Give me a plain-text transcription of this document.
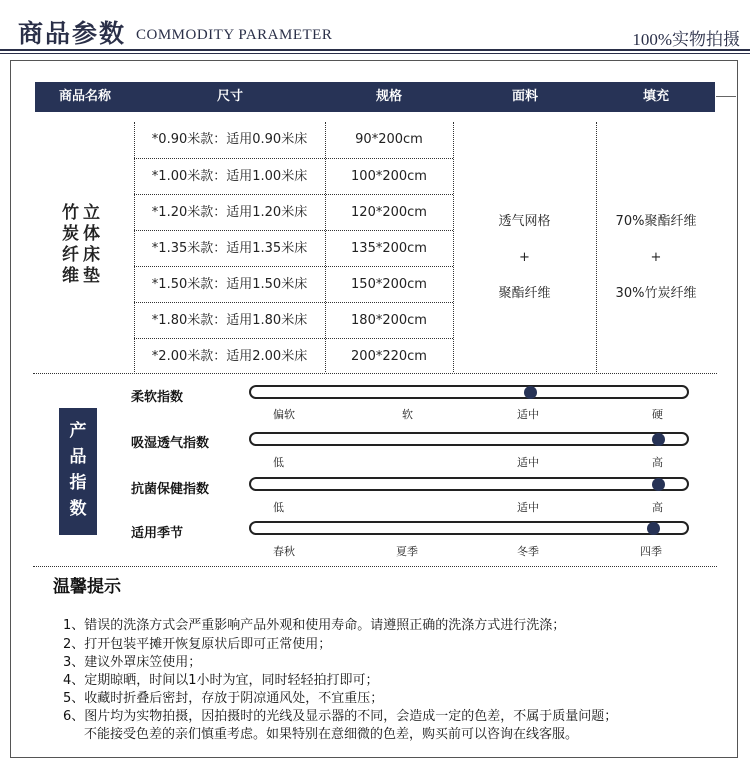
商品参数 COMMODITY PARAMETER	100%实物拍摄
商品名称	尺寸	规格	面料	填充
竹 立
炭 体
纤 床
维 垫
*0.90米款：适用0.90米床	90*200cm
*1.00米款：适用1.00米床	100*200cm
*1.20米款：适用1.20米床	120*200cm
*1.35米款：适用1.35米床	135*200cm
*1.50米款：适用1.50米床	150*200cm
*1.80米款：适用1.80米床	180*200cm
*2.00米款：适用2.00米床	200*220cm
透气网格
+
聚酯纤维
70%聚酯纤维
+
30%竹炭纤维
产
品
指
数
柔软指数
偏软	软	适中	硬
吸湿透气指数
低	适中	高
抗菌保健指数
低	适中	高
适用季节
春秋	夏季	冬季	四季
温馨提示
1、错误的洗涤方式会严重影响产品外观和使用寿命。请遵照正确的洗涤方式进行洗涤；
2、打开包装平摊开恢复原状后即可正常使用；
3、建议外罩床笠使用；
4、定期晾晒，时间以1小时为宜，同时轻轻拍打即可；
5、收藏时折叠后密封，存放于阴凉通风处，不宜重压；
6、图片均为实物拍摄，因拍摄时的光线及显示器的不同，会造成一定的色差，不属于质量问题；
不能接受色差的亲们慎重考虑。如果特别在意细微的色差，购买前可以咨询在线客服。
